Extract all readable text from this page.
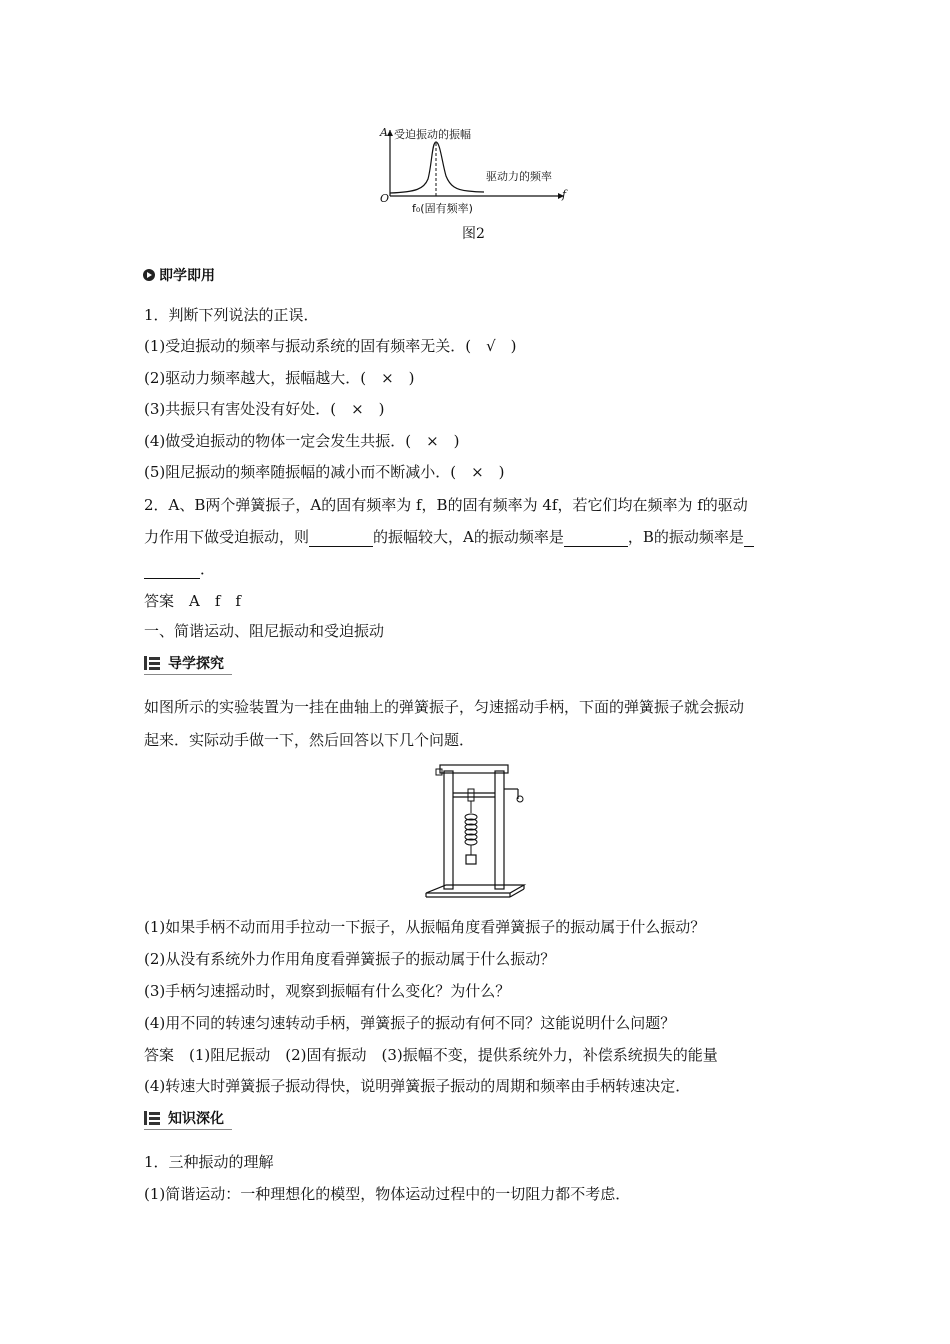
A 受迫振动的振幅
驱动力的频率
f
O
f₀(固有频率)
图2
即学即用
1．判断下列说法的正误．
(1)受迫振动的频率与振动系统的固有频率无关．(　√　)
(2)驱动力频率越大，振幅越大．(　×　)
(3)共振只有害处没有好处．(　×　)
(4)做受迫振动的物体一定会发生共振．(　×　)
(5)阻尼振动的频率随振幅的减小而不断减小．(　×　)
2．A、B两个弹簧振子，A的固有频率为 f，B的固有频率为 4f，若它们均在频率为 f的驱动
力作用下做受迫振动，则	的振幅较大，A的振动频率是	，B的振动频率是
．
答案　A　f　f
一、简谐运动、阻尼振动和受迫振动
导学探究
如图所示的实验装置为一挂在曲轴上的弹簧振子，匀速摇动手柄，下面的弹簧振子就会振动
起来．实际动手做一下，然后回答以下几个问题．
(1)如果手柄不动而用手拉动一下振子，从振幅角度看弹簧振子的振动属于什么振动？
(2)从没有系统外力作用角度看弹簧振子的振动属于什么振动？
(3)手柄匀速摇动时，观察到振幅有什么变化？为什么？
(4)用不同的转速匀速转动手柄，弹簧振子的振动有何不同？这能说明什么问题？
答案　(1)阻尼振动　(2)固有振动　(3)振幅不变，提供系统外力，补偿系统损失的能量
(4)转速大时弹簧振子振动得快，说明弹簧振子振动的周期和频率由手柄转速决定．
知识深化
1．三种振动的理解
(1)简谐运动：一种理想化的模型，物体运动过程中的一切阻力都不考虑．
